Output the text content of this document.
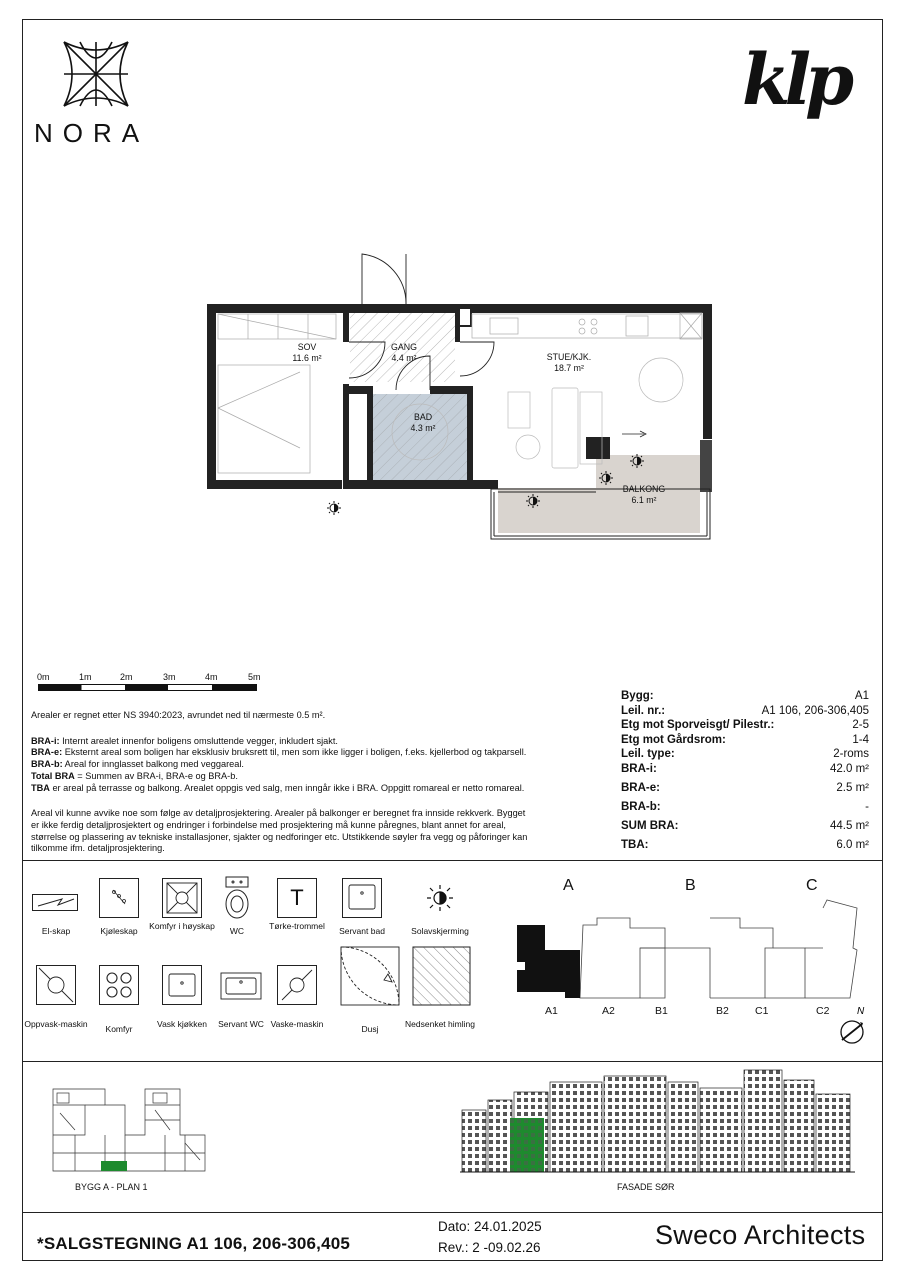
NORA
klp
SOV
11.6 m²
GANG
4.4 m²	STUE/KJK.
18.7 m²
BAD
4.3 m²
BALKONG
6.1 m²
0m	1m	2m	3m	4m	5m

Arealer er regnet etter NS 3940:2023, avrundet ned til nærmeste 0.5 m².

BRA-i: Internt arealet innenfor boligens omsluttende vegger, inkludert sjakt.

BRA-e: Eksternt areal som boligen har eksklusiv bruksrett til, men som ikke ligger i boligen, f.eks. kjellerbod og takparsell.

BRA-b: Areal for innglasset balkong med veggareal.

Total BRA = Summen av BRA-i, BRA-e og BRA-b.

TBA er areal på terrasse og balkong. Arealet oppgis ved salg, men inngår ikke i BRA. Oppgitt romareal er netto romareal.

Areal vil kunne avvike noe som følge av detaljprosjektering. Arealer på balkonger er beregnet fra innside rekkverk. Bygget

er ikke ferdig detaljprosjektert og endringer i forbindelse med prosjektering må kunne påregnes, blant annet for areal,

størrelse og plassering av tekniske installasjoner, sjakter og nedforinger etc. Utstikkende søyler fra vegg og påforinger kan

tilkomme ifm. detaljprosjektering.

Bygg:	A1
Leil. nr.:	A1 106, 206-306,405
Etg mot Sporveisgt/ Pilestr.:	2-5
Etg mot Gårdsrom:	1-4
Leil. type:	2-roms
BRA-i:	42.0 m²
BRA-e:	2.5 m²
BRA-b:	-
SUM BRA:	44.5 m²
TBA:	6.0 m²
El-skap	Kjøleskap	Komfyr i høyskap	WC
T
Tørke-trommel	Servant bad	Solavskjerming
Oppvask-maskin	Komfyr	Vask kjøkken	Servant WC Vaske-maskin	Dusj	Nedsenket himling
A	B	C
A1	A2	B1	B2 C1	C2	N
BYGG A - PLAN 1	FASADE SØR
*SALGSTEGNING A1 106, 206-306,405
Dato: 24.01.2025
Rev.: 2 -09.02.26	Sweco Architects
